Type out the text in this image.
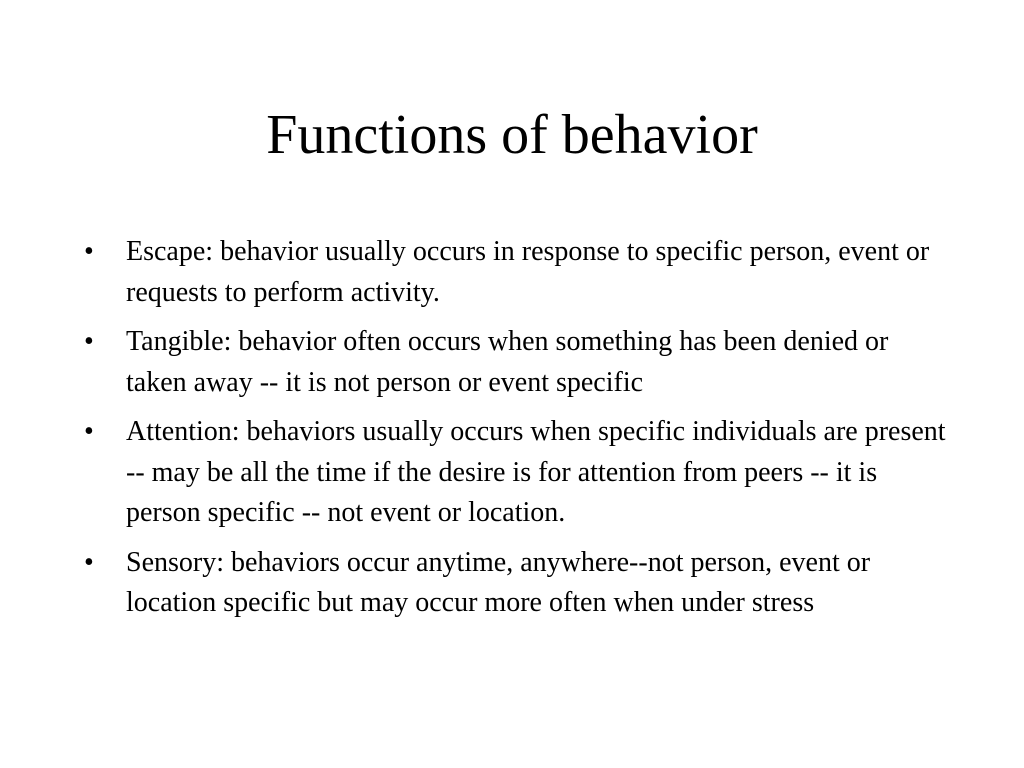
Functions of behavior
•	Escape: behavior usually occurs in response to specific person, event or requests to perform activity.
•	Tangible: behavior often occurs when something has been denied or taken away -- it is not person or event specific
•	Attention: behaviors usually occurs when specific individuals are present -- may be all the time if the desire is for attention from peers -- it is person specific -- not event or location.
•	Sensory: behaviors occur anytime, anywhere--not person, event or location specific but may occur more often when under stress
